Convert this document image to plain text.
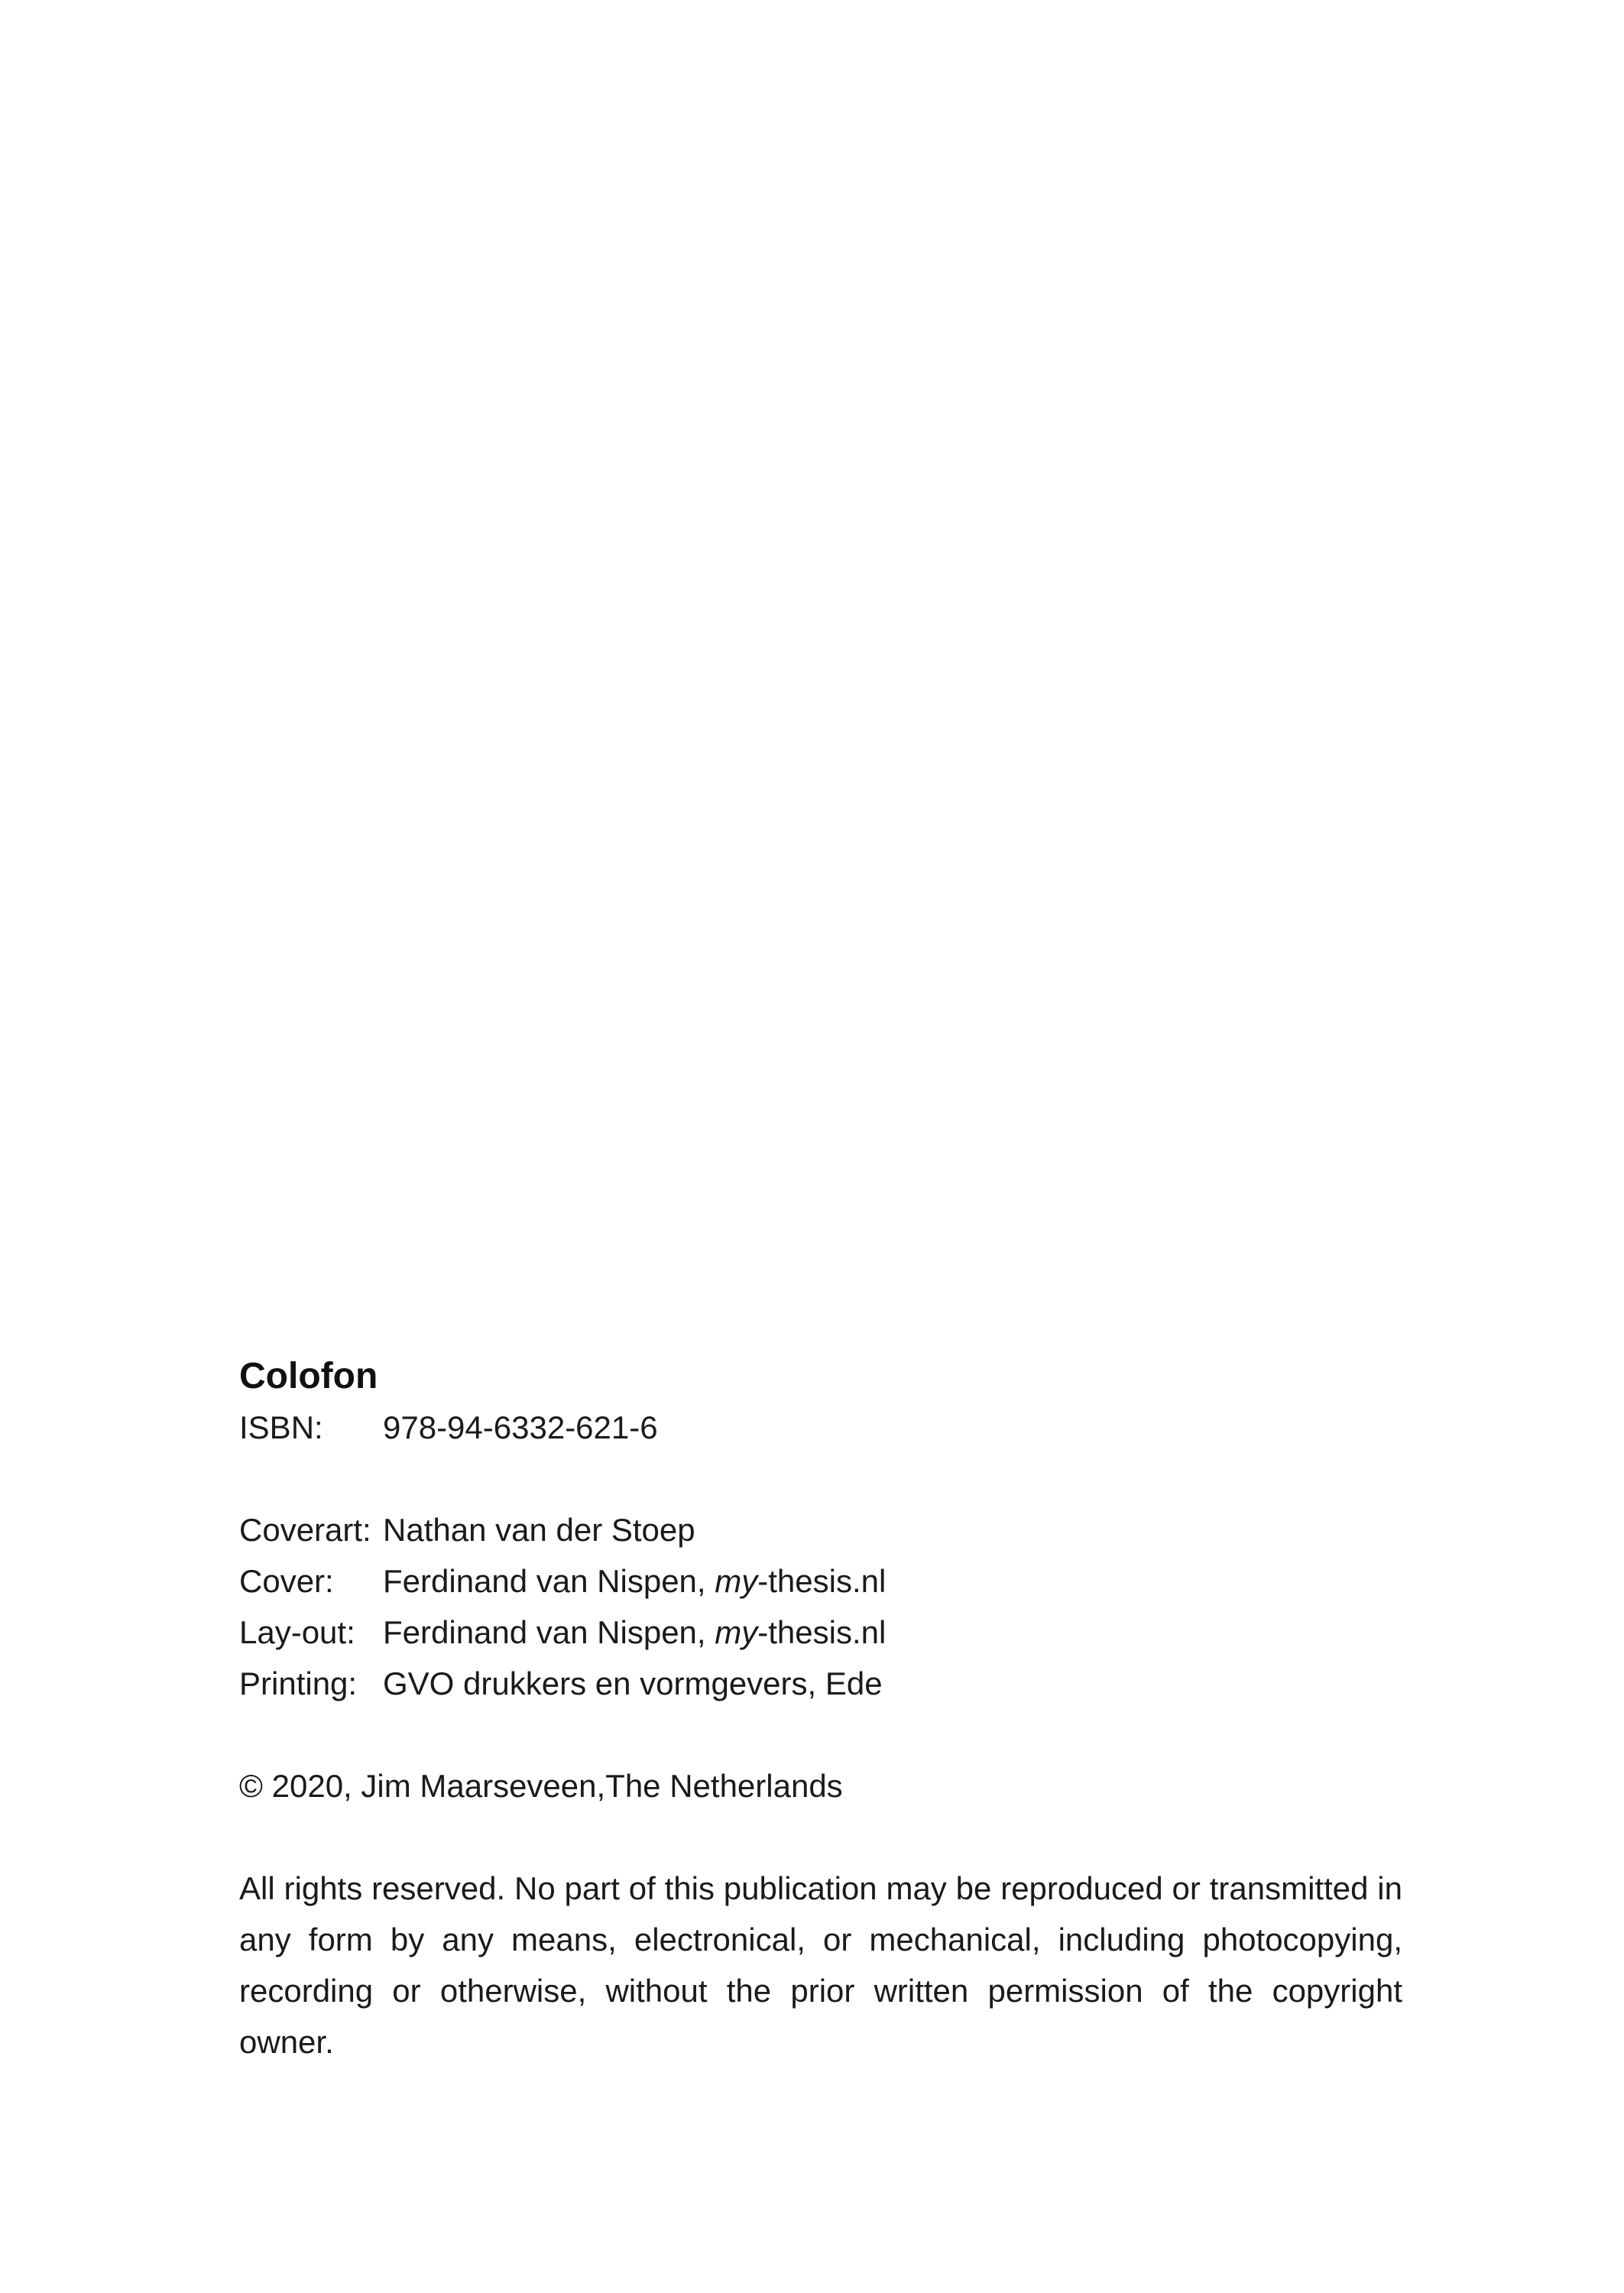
Colofon
ISBN:	978-94-6332-621-6
Coverart: Nathan van der Stoep
Cover:	Ferdinand van Nispen, my-thesis.nl
Lay-out: Ferdinand van Nispen, my-thesis.nl
Printing: GVO drukkers en vormgevers, Ede
© 2020, Jim Maarseveen,The Netherlands

All rights reserved. No part of this publication may be reproduced or transmitted in any form by any means, electronical, or mechanical, including photocopying, recording or otherwise, without the prior written permission of the copyright owner.
